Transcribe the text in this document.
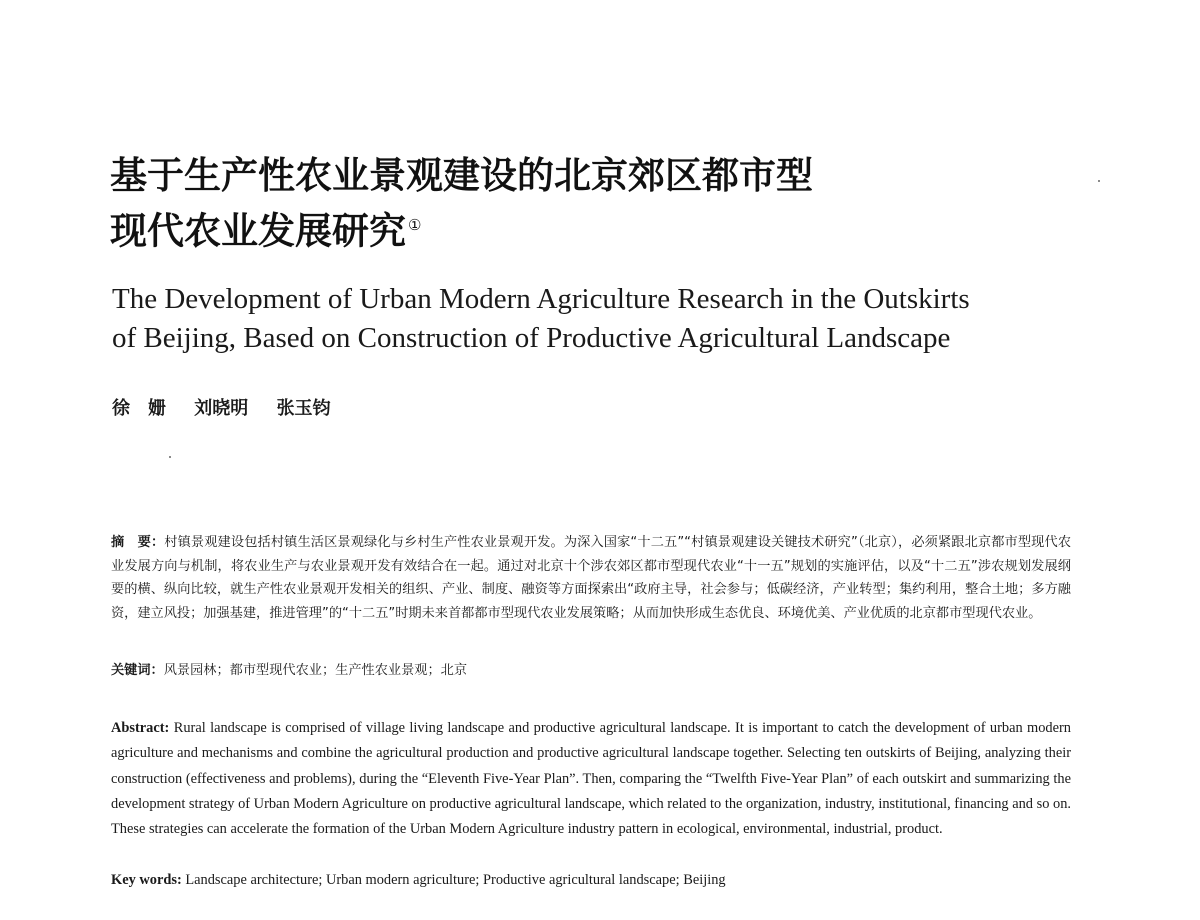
基于生产性农业景观建设的北京郊区都市型
现代农业发展研究 ①
The Development of Urban Modern Agriculture Research in the Outskirts
of Beijing, Based on Construction of Productive Agricultural Landscape
徐　姗 刘晓明 张玉钧

摘　要：村镇景观建设包括村镇生活区景观绿化与乡村生产性农业景观开发。为深入国家“十二五”“村镇景观建设关键技术研究”（北京），必须紧跟北京都市型现代农业发展方向与机制，将农业生产与农业景观开发有效结合在一起。通过对北京十个涉农郊区都市型现代农业“十一五”规划的实施评估，以及“十二五”涉农规划发展纲要的横、纵向比较，就生产性农业景观开发相关的组织、产业、制度、融资等方面探索出“政府主导，社会参与；低碳经济，产业转型；集约利用，整合土地；多方融资，建立风投；加强基建，推进管理”的“十二五”时期未来首都都市型现代农业发展策略；从而加快形成生态优良、环境优美、产业优质的北京都市型现代农业。

关键词：风景园林；都市型现代农业；生产性农业景观；北京

Abstract: Rural landscape is comprised of village living landscape and productive agricultural landscape. It is important to catch the development of urban modern agriculture and mechanisms and combine the agricultural production and productive agricultural landscape together. Selecting ten outskirts of Beijing, analyzing their construction (effectiveness and problems), during the “Eleventh Five-Year Plan”. Then, comparing the “Twelfth Five-Year Plan” of each outskirt and summarizing the development strategy of Urban Modern Agriculture on productive agricultural landscape, which related to the organization, industry, institutional, financing and so on. These strategies can accelerate the formation of the Urban Modern Agriculture industry pattern in ecological, environmental, industrial, product.

Key words: Landscape architecture; Urban modern agriculture; Productive agricultural landscape; Beijing
